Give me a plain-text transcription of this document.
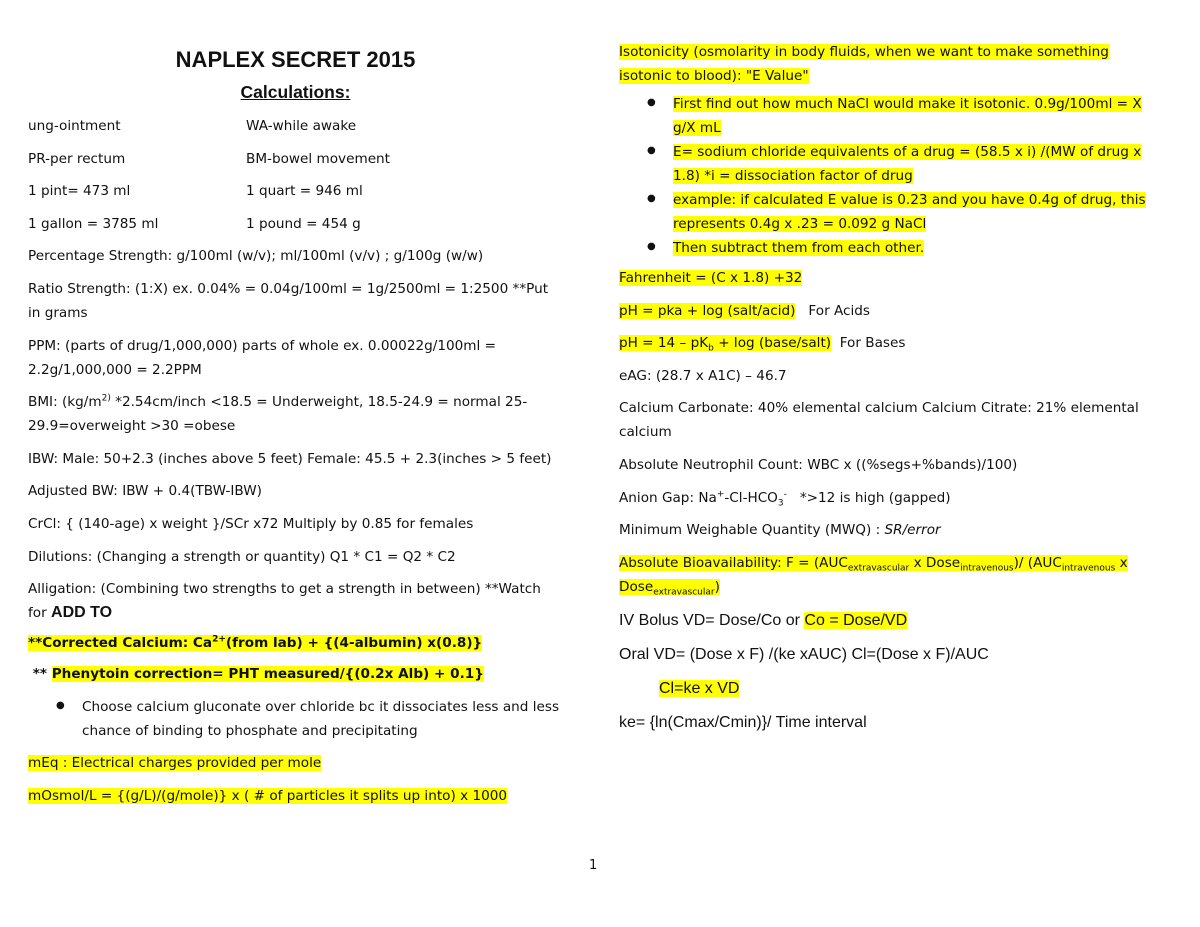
NAPLEX SECRET 2015
Calculations:
ung-ointment	WA-while awake
PR-per rectum	BM-bowel movement
1 pint= 473 ml	1 quart = 946 ml
1 gallon = 3785 ml	1 pound = 454 g

Percentage Strength: g/100ml (w/v); ml/100ml (v/v) ; g/100g (w/w)

Ratio Strength: (1:X) ex. 0.04% = 0.04g/100ml = 1g/2500ml = 1:2500 **Put in grams

PPM: (parts of drug/1,000,000) parts of whole ex. 0.00022g/100ml = 2.2g/1,000,000 = 2.2PPM

BMI: ($kg/m^{2)}$ *2.54cm/inch <18.5 = Underweight, 18.5-24.9 = normal 25-29.9=overweight >30 =obese

IBW: Male: 50+2.3 (inches above 5 feet) Female: 45.5 + 2.3(inches > 5 feet)

Adjusted BW: IBW + 0.4(TBW-IBW)

CrCl: { (140-age) x weight }/SCr x72 Multiply by 0.85 for females

Dilutions: (Changing a strength or quantity) Q1 * C1 = Q2 * C2

Alligation: (Combining two strengths to get a strength in between) **Watch for ADD TO

**Corrected Calcium: $Ca^{2+}(from$ lab) + {(4-albumin) x(0.8)}

** Phenytoin correction= PHT measured/{(0.2x Alb) + 0.1}

● Choose calcium gluconate over chloride bc it dissociates less and less chance of binding to phosphate and precipitating

mEq : Electrical charges provided per mole

mOsmol/L = {(g/L)/(g/mole)} x ( # of particles it splits up into) x 1000

Isotonicity (osmolarity in body fluids, when we want to make something isotonic to blood): "E Value"

● First find out how much NaCl would make it isotonic. 0.9g/100ml = X g/X mL
● E= sodium chloride equivalents of a drug = (58.5 x i) /(MW of drug x 1.8) *i = dissociation factor of drug
● example: if calculated E value is 0.23 and you have 0.4g of drug, this represents 0.4g x .23 = 0.092 g NaCl
● Then subtract them from each other.

Fahrenheit = (C x 1.8) +32

pH = pka + log (salt/acid)   For Acids

pH = $14 - pK_b + \log$ (base/salt)  For Bases

eAG: (28.7 x A1C) – 46.7

Calcium Carbonate: 40% elemental calcium Calcium Citrate: 21% elemental calcium

Absolute Neutrophil Count: WBC x ((%segs+%bands)/100)

Anion Gap: $Na^+-Cl-HCO_3^-$   *>12 is high (gapped)

Minimum Weighable Quantity (MWQ) : SR/error

Absolute Bioavailability: $F = (AUC_{extravascular}$ x Dose$_{intravenous}$)/ ($AUC_{intravenous}$ x Dose$_{extravascular}$)

IV Bolus VD= Dose/Co or Co = Dose/VD

Oral VD= (Dose x F) /(ke xAUC) Cl=(Dose x F)/AUC

Cl=ke x VD

ke= {ln(Cmax/Cmin)}/ Time interval

1
